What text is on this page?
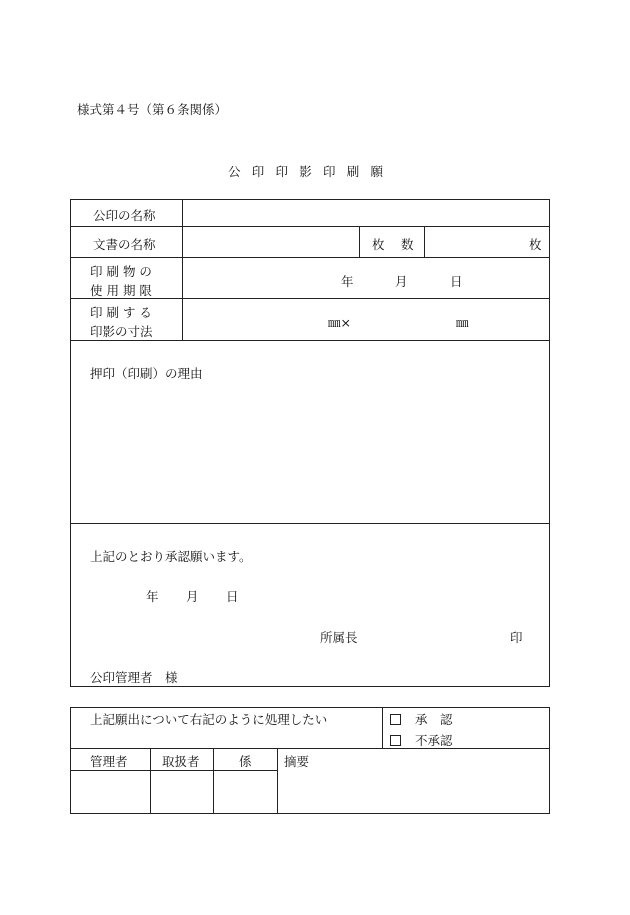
様式第４号（第６条関係）
公印印影印刷願
公印の名称
文書の名称	枚 数	枚
印 刷 物 の
使 用 期 限
年	月	日
印 刷 す る
印影の寸法
㎜×	㎜
押印（印刷）の理由
上記のとおり承認願います。
年 月 日
所属長	印
公印管理者　様
上記願出について右記のように処理したい	承　認
不承認
管理者	取扱者	係	摘要
